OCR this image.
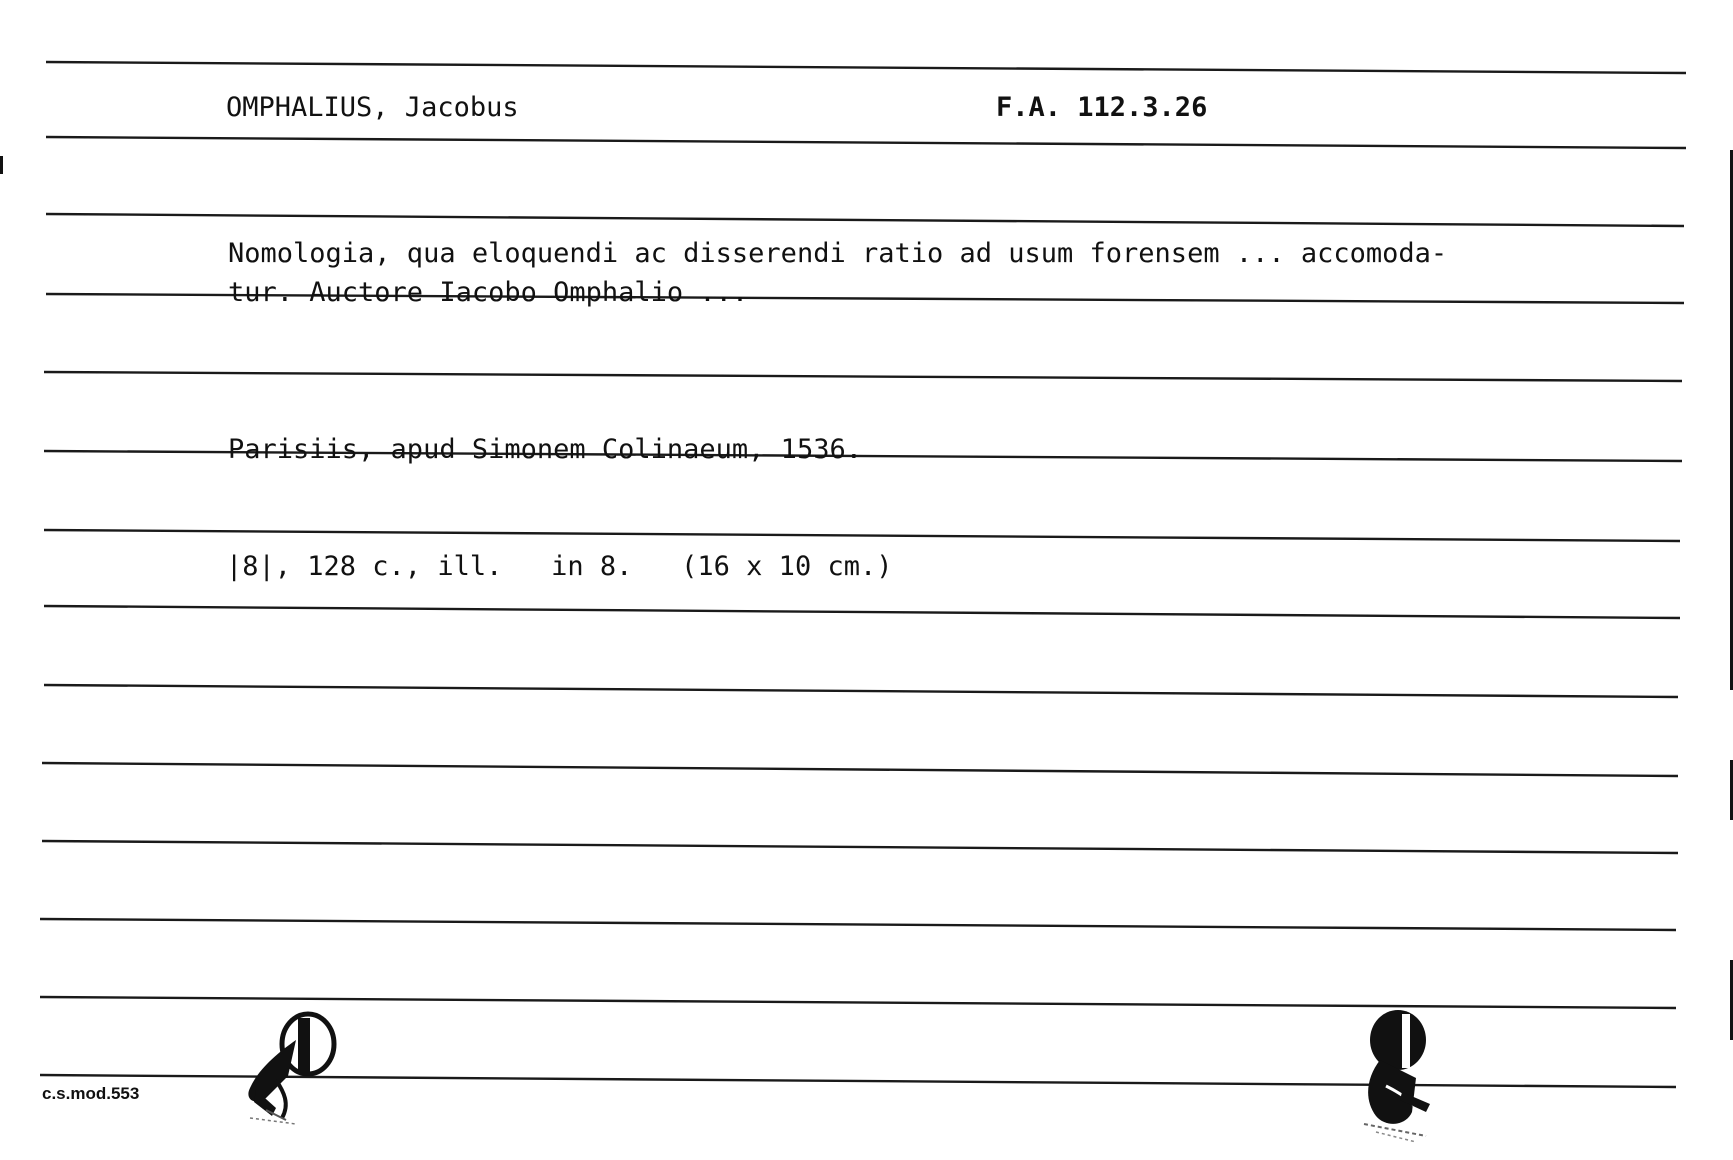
OMPHALIUS, Jacobus	F.A. 112.3.26
Nomologia, qua eloquendi ac disserendi ratio ad usum forensem ... accomoda-
tur. Auctore Iacobo Omphalio ...
Parisiis, apud Simonem Colinaeum, 1536.
|8|, 128 c., ill.   in 8.   (16 x 10 cm.)
c.s.mod.553
